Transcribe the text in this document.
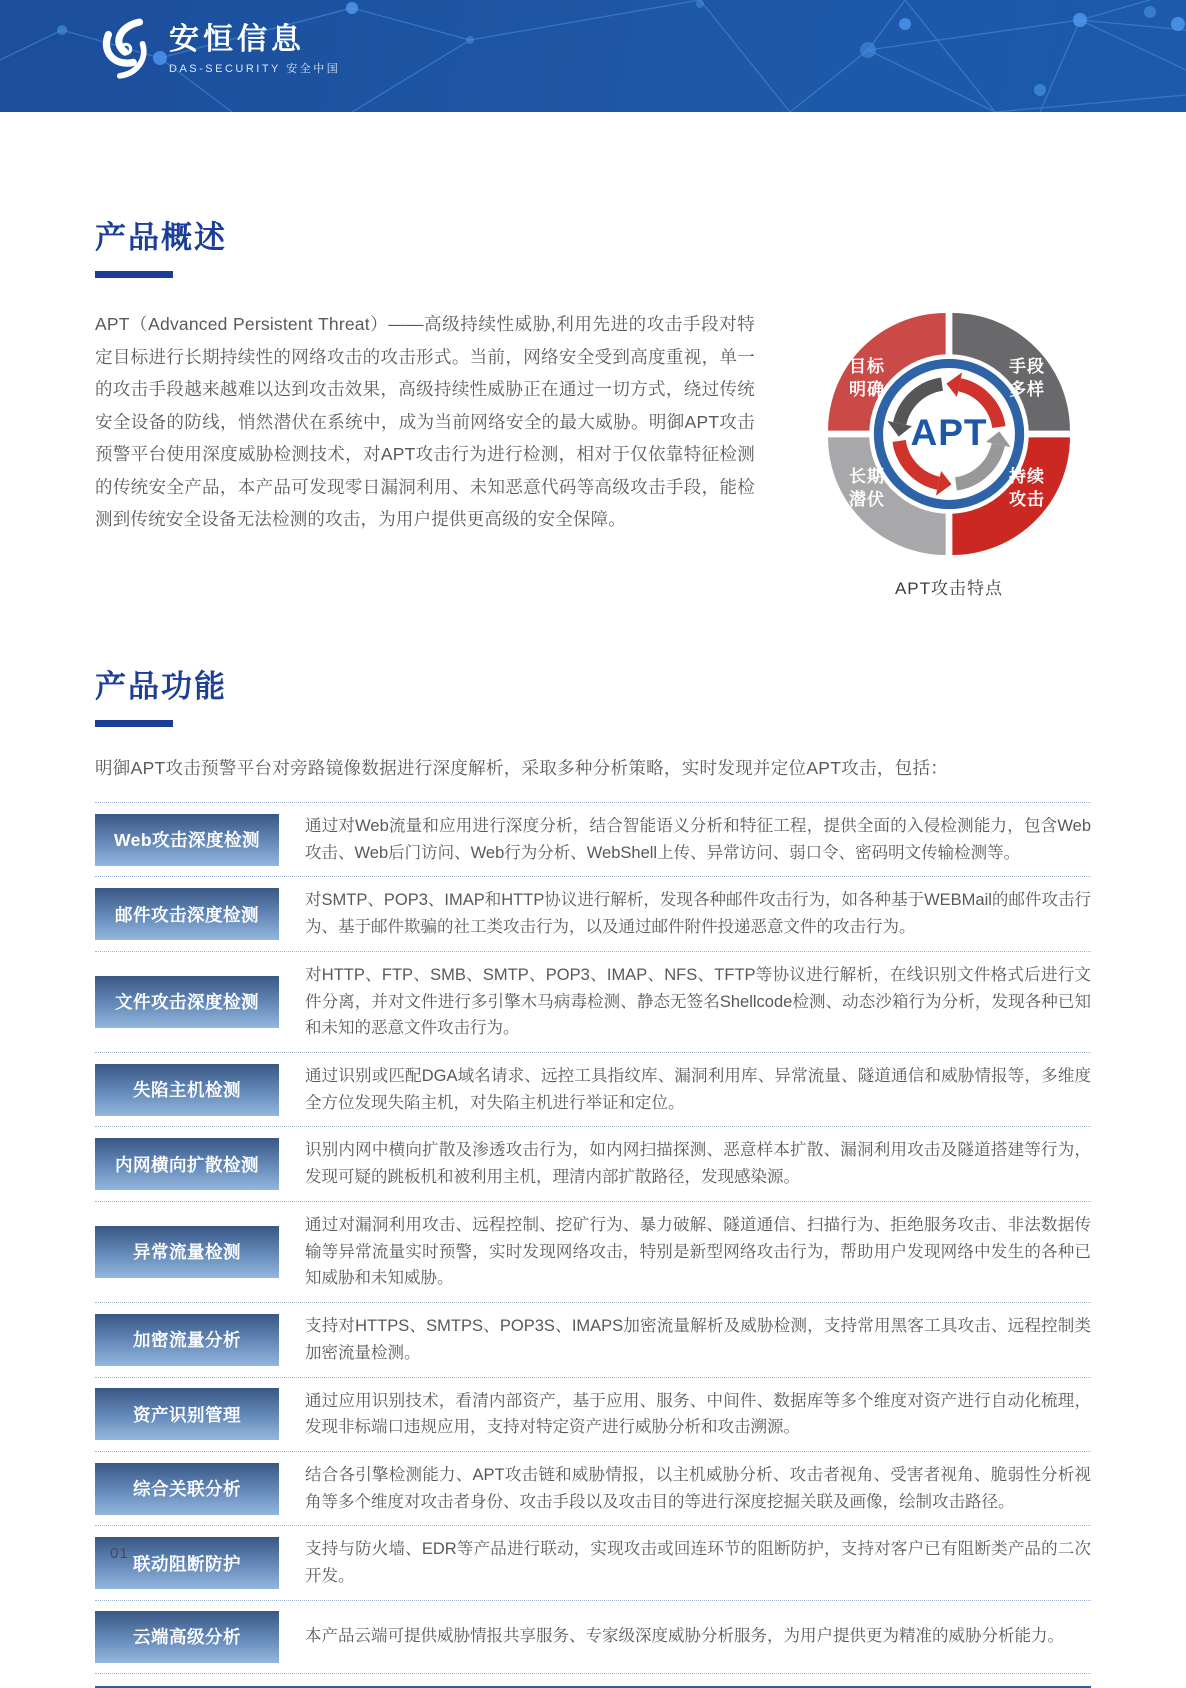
安恒信息
DAS-SECURITY 安全中国
产品概述

APT（Advanced Persistent Threat）——高级持续性威胁,利用先进的攻击手段对特定目标进行长期持续性的网络攻击的攻击形式。当前，网络安全受到高度重视，单一的攻击手段越来越难以达到攻击效果，高级持续性威胁正在通过一切方式，绕过传统安全设备的防线，悄然潜伏在系统中，成为当前网络安全的最大威胁。明御APT攻击预警平台使用深度威胁检测技术，对APT攻击行为进行检测，相对于仅依靠特征检测的传统安全产品，本产品可发现零日漏洞利用、未知恶意代码等高级攻击手段，能检测到传统安全设备无法检测的攻击，为用户提供更高级的安全保障。

目标明确
手段多样
长期潜伏
持续攻击
APT
APT攻击特点
产品功能

明御APT攻击预警平台对旁路镜像数据进行深度解析，采取多种分析策略，实时发现并定位APT攻击，包括：

Web攻击深度检测

通过对Web流量和应用进行深度分析，结合智能语义分析和特征工程，提供全面的入侵检测能力，包含Web攻击、Web后门访问、Web行为分析、WebShell上传、异常访问、弱口令、密码明文传输检测等。

邮件攻击深度检测

对SMTP、POP3、IMAP和HTTP协议进行解析，发现各种邮件攻击行为，如各种基于WEBMail的邮件攻击行为、基于邮件欺骗的社工类攻击行为，以及通过邮件附件投递恶意文件的攻击行为。

文件攻击深度检测

对HTTP、FTP、SMB、SMTP、POP3、IMAP、NFS、TFTP等协议进行解析，在线识别文件格式后进行文件分离，并对文件进行多引擎木马病毒检测、静态无签名Shellcode检测、动态沙箱行为分析，发现各种已知和未知的恶意文件攻击行为。

失陷主机检测

通过识别或匹配DGA域名请求、远控工具指纹库、漏洞利用库、异常流量、隧道通信和威胁情报等，多维度全方位发现失陷主机，对失陷主机进行举证和定位。

内网横向扩散检测

识别内网中横向扩散及渗透攻击行为，如内网扫描探测、恶意样本扩散、漏洞利用攻击及隧道搭建等行为，发现可疑的跳板机和被利用主机，理清内部扩散路径，发现感染源。

异常流量检测

通过对漏洞利用攻击、远程控制、挖矿行为、暴力破解、隧道通信、扫描行为、拒绝服务攻击、非法数据传输等异常流量实时预警，实时发现网络攻击，特别是新型网络攻击行为，帮助用户发现网络中发生的各种已知威胁和未知威胁。

加密流量分析

支持对HTTPS、SMTPS、POP3S、IMAPS加密流量解析及威胁检测，支持常用黑客工具攻击、远程控制类加密流量检测。

资产识别管理

通过应用识别技术，看清内部资产，基于应用、服务、中间件、数据库等多个维度对资产进行自动化梳理，发现非标端口违规应用，支持对特定资产进行威胁分析和攻击溯源。

综合关联分析

结合各引擎检测能力、APT攻击链和威胁情报，以主机威胁分析、攻击者视角、受害者视角、脆弱性分析视角等多个维度对攻击者身份、攻击手段以及攻击目的等进行深度挖掘关联及画像，绘制攻击路径。

联动阻断防护

支持与防火墙、EDR等产品进行联动，实现攻击或回连环节的阻断防护，支持对客户已有阻断类产品的二次开发。

云端高级分析	本产品云端可提供威胁情报共享服务、专家级深度威胁分析服务，为用户提供更为精准的威胁分析能力。

01
